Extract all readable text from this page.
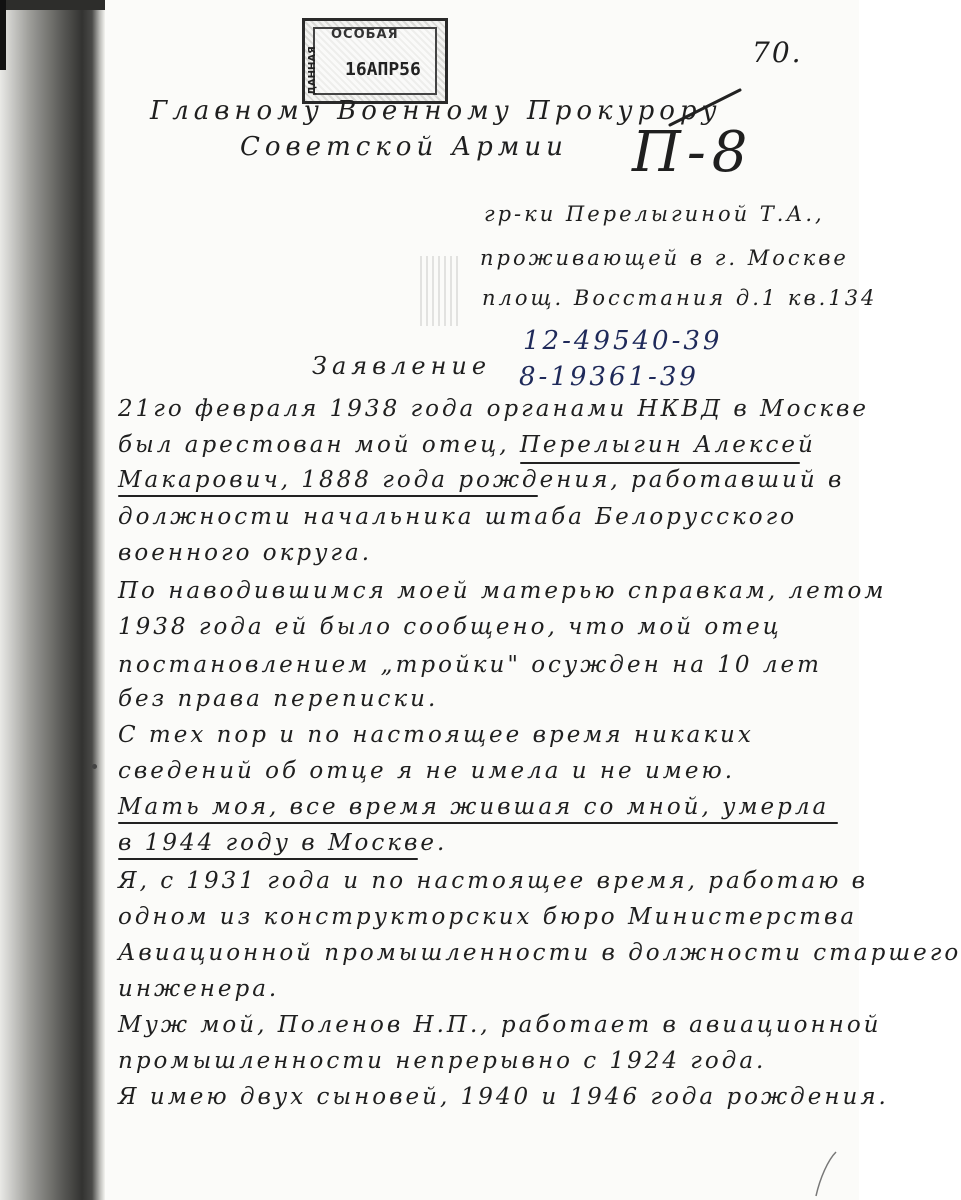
ДАННАЯ
ОСОБАЯ
16АПР56
70.
П-8
Главному Военному Прокурору
Советской Армии
гр-ки Перелыгиной Т.А.,
проживающей в г. Москве
площ. Восстания д.1 кв.134
12-49540-39
8-19361-39
Заявление
21го февраля 1938 года органами НКВД в Москве
был арестован мой отец, Перелыгин Алексей
Макарович, 1888 года рождения, работавший в
должности начальника штаба Белорусского
военного округа.
По наводившимся моей матерью справкам, летом
1938 года ей было сообщено, что мой отец
постановлением „тройки" осужден на 10 лет
без права переписки.
С тех пор и по настоящее время никаких
сведений об отце я не имела и не имею.
Мать моя, все время жившая со мной, умерла
в 1944 году в Москве.
Я, с 1931 года и по настоящее время, работаю в
одном из конструкторских бюро Министерства
Авиационной промышленности в должности старшего
инженера.
Муж мой, Поленов Н.П., работает в авиационной
промышленности непрерывно с 1924 года.
Я имею двух сыновей, 1940 и 1946 года рождения.
